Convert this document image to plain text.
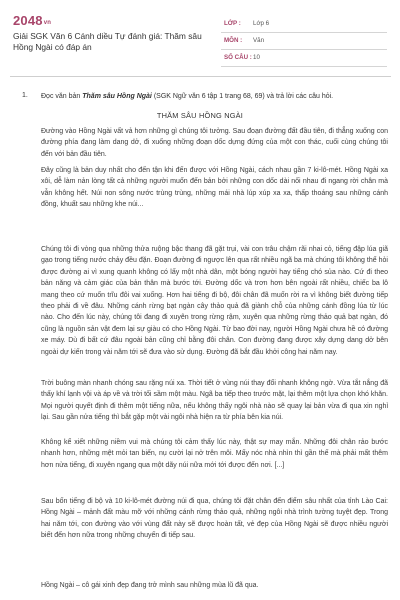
2048vn
Giải SGK Văn 6 Cánh diều Tự đánh giá: Thăm sâu Hồng Ngài có đáp án
LỚP :	Lớp 6
MÔN :	Văn
SỐ CÂU :	10
1. Đọc văn bản Thăm sâu Hồng Ngài (SGK Ngữ văn 6 tập 1 trang 68, 69) và trả lời các câu hỏi.
THĂM SÂU HỒNG NGÀI

Đường vào Hồng Ngài vất vả hơn những gì chúng tôi tưởng. Sau đoạn đường đất đầu tiên, đi thẳng xuống con đường phía đang làm dang dở, đi xuống những đoạn dốc dựng đứng của một con thác, cuối cùng chúng tôi đến với bản đầu tiên.

Đây cũng là bản duy nhất cho đến tận khi đến được với Hồng Ngài, cách nhau gần 7 ki-lô-mét. Hồng Ngài xa xôi, dễ làm nản lòng tất cả những người muốn đến bản bởi những con dốc dài nối nhau đi ngang rời chân mà vẫn không hết. Núi non sông nước trùng trùng, những mái nhà lúp xúp xa xa, thấp thoáng sau những cánh đồng, khuất sau những khe núi...

Chúng tôi đi vòng qua những thửa ruộng bậc thang đã gặt trụi, vài con trâu chậm rãi nhai cỏ, tiếng đập lúa giã gạo trong tiếng nước chảy đều đặn. Đoạn đường đi ngược lên qua rất nhiều ngã ba mà chúng tôi không thể hỏi được đường ai vì xung quanh không có lấy một nhà dân, một bóng người hay tiếng chó sủa nào. Cứ đi theo bản năng và cảm giác của bản thân mà bước tới. Đường dốc và trơn hơn bên ngoài rất nhiều, chiếc ba lô mang theo cứ muốn trĩu đôi vai xuống. Hơn hai tiếng đi bộ, đôi chân đã muốn rời ra vì không biết đường tiếp theo phải đi về đâu. Những cánh rừng bạt ngàn cây thảo quả đã giành chỗ của những cánh đồng lúa từ lúc nào. Cho đến lúc này, chúng tôi đang đi xuyên trong rừng rậm, xuyên qua những rừng thảo quả bạt ngàn, đó cũng là nguồn sản vật đem lại sự giàu có cho Hồng Ngài. Từ bao đời nay, người Hồng Ngài chưa hề có đường xe máy. Dù đi bất cứ đâu ngoài bản cũng chỉ bằng đôi chân. Con đường đang được xây dựng dang dở bên ngoài dự kiến trong vài năm tới sẽ đưa vào sử dụng. Đường đã bắt đầu khởi công hai năm nay.

Trời buông màn nhanh chóng sau rặng núi xa. Thời tiết ở vùng núi thay đổi nhanh không ngờ. Vừa tắt nắng đã thấy khí lạnh vội và áp về và trời tối sầm một màu. Ngã ba tiếp theo trước mặt, lại thêm một lựa chọn khó khăn. Mọi người quyết định đi thêm một tiếng nữa, nếu không thấy ngôi nhà nào sẽ quay lại bản vừa đi qua xin nghỉ lại. Sau gần nửa tiếng thì bắt gặp một vài ngôi nhà hiện ra từ phía bên kia núi.

Không kể xiết những niềm vui mà chúng tôi cảm thấy lúc này, thật sự may mắn. Những đôi chân rảo bước nhanh hơn, những mệt mỏi tan biến, nụ cười lại nở trên môi. Mấy nóc nhà nhìn thì gần thế mà phải mất thêm hơn nửa tiếng, đi xuyên ngang qua một dãy núi nữa mới tới được đến nơi. [...]

Sau bốn tiếng đi bộ và 10 ki-lô-mét đường núi đi qua, chúng tôi đặt chân đến điểm sâu nhất của tỉnh Lào Cai: Hồng Ngài – mảnh đất màu mỡ với những cánh rừng thảo quả, những ngôi nhà trình tường tuyệt đẹp. Trong hai năm tới, con đường vào với vùng đất này sẽ được hoàn tất, vẻ đẹp của Hồng Ngài sẽ được nhiều người biết đến hơn nữa trong những chuyến đi tiếp sau.

Hồng Ngài – cô gái xinh đẹp đang trở mình sau những mùa lũ đã qua.
